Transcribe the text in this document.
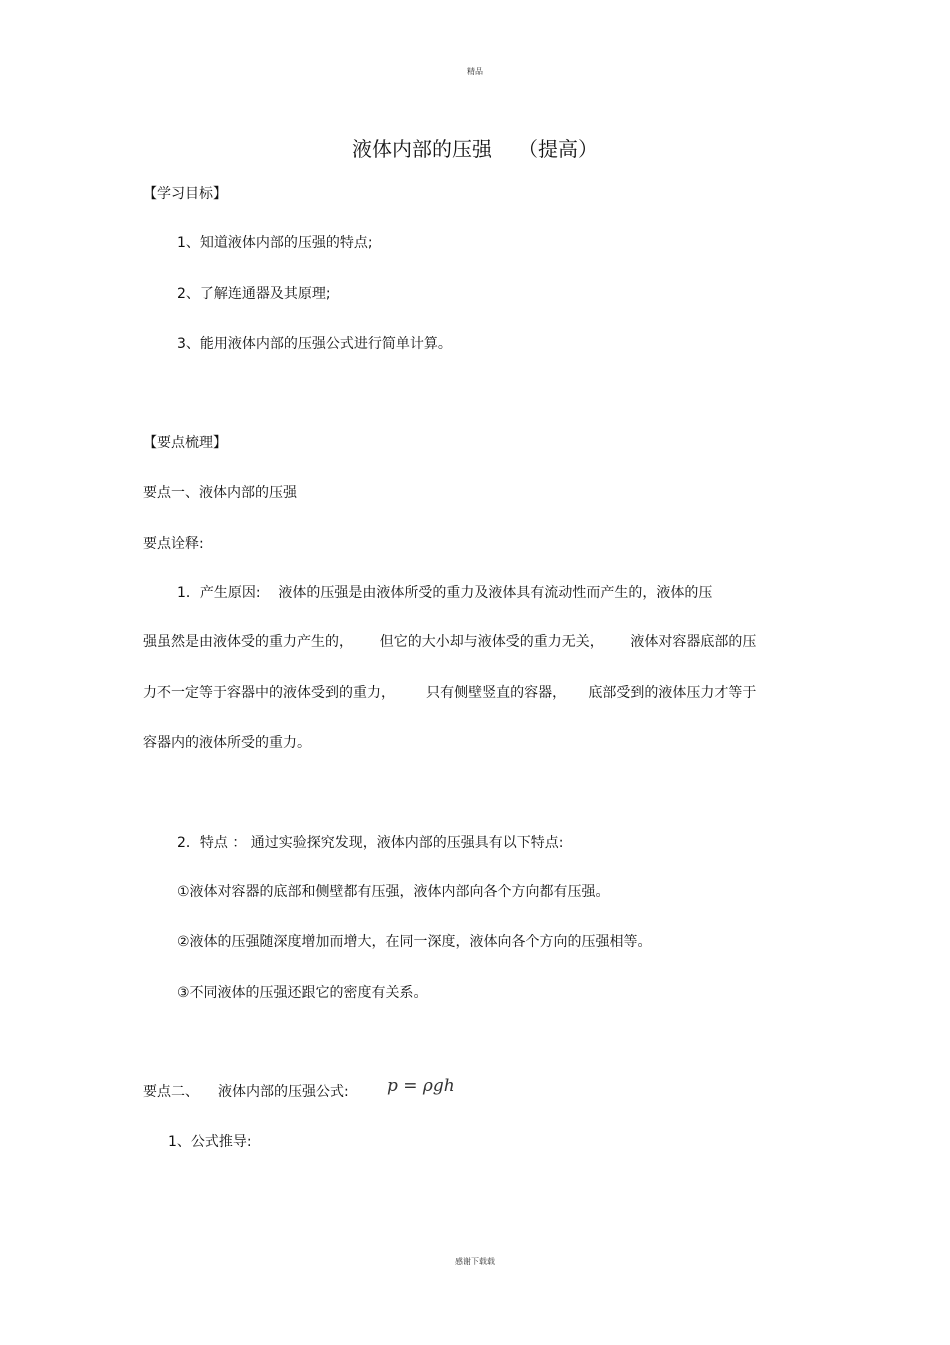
精品
液体内部的压强 （提高）
【学习目标】
1、知道液体内部的压强的特点;
2、了解连通器及其原理;
3、能用液体内部的压强公式进行简单计算。
【要点梳理】
要点一、液体内部的压强
要点诠释:
1．产生原因:    液体的压强是由液体所受的重力及液体具有流动性而产生的，液体的压
强虽然是由液体受的重力产生的，      但它的大小却与液体受的重力无关，      液体对容器底部的压
力不一定等于容器中的液体受到的重力，       只有侧壁竖直的容器，     底部受到的液体压力才等于
容器内的液体所受的重力。
2．特点 ： 通过实验探究发现，液体内部的压强具有以下特点:
①液体对容器的底部和侧壁都有压强，液体内部向各个方向都有压强。
②液体的压强随深度增加而增大，在同一深度，液体向各个方向的压强相等。
③不同液体的压强还跟它的密度有关系。
要点二、 液体内部的压强公式: p = ρgh
1、公式推导:
感谢下载载
